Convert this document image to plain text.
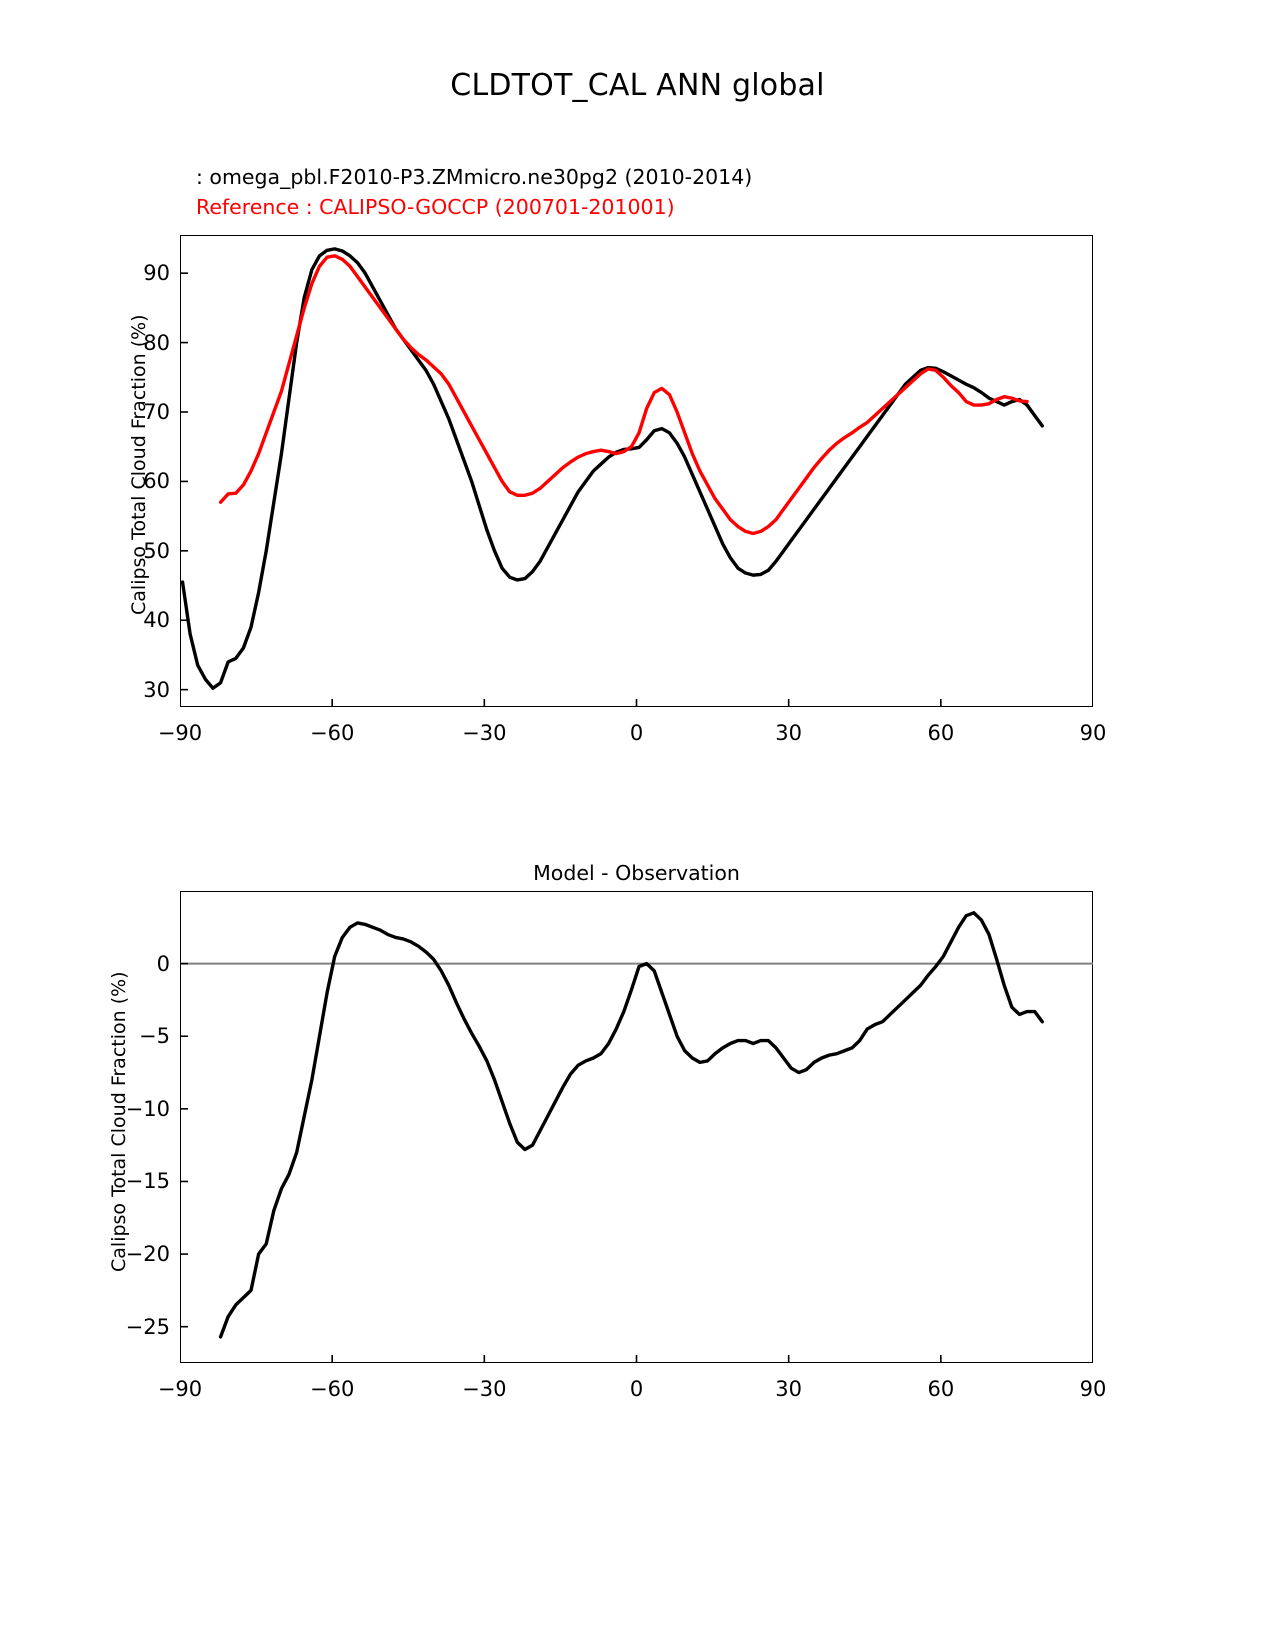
CLDTOT_CAL ANN global
: omega_pbl.F2010-P3.ZMmicro.ne30pg2 (2010-2014)
Reference : CALIPSO-GOCCP (200701-201001)
Calipso Total Cloud Fraction (%)
−90	−60	−30	0	30	60	90
30
40
50
60
70
80
90
Model - Observation
Calipso Total Cloud Fraction (%)
−90	−60	−30	0	30	60	90
−25
−20
−15
−10
−5
0
